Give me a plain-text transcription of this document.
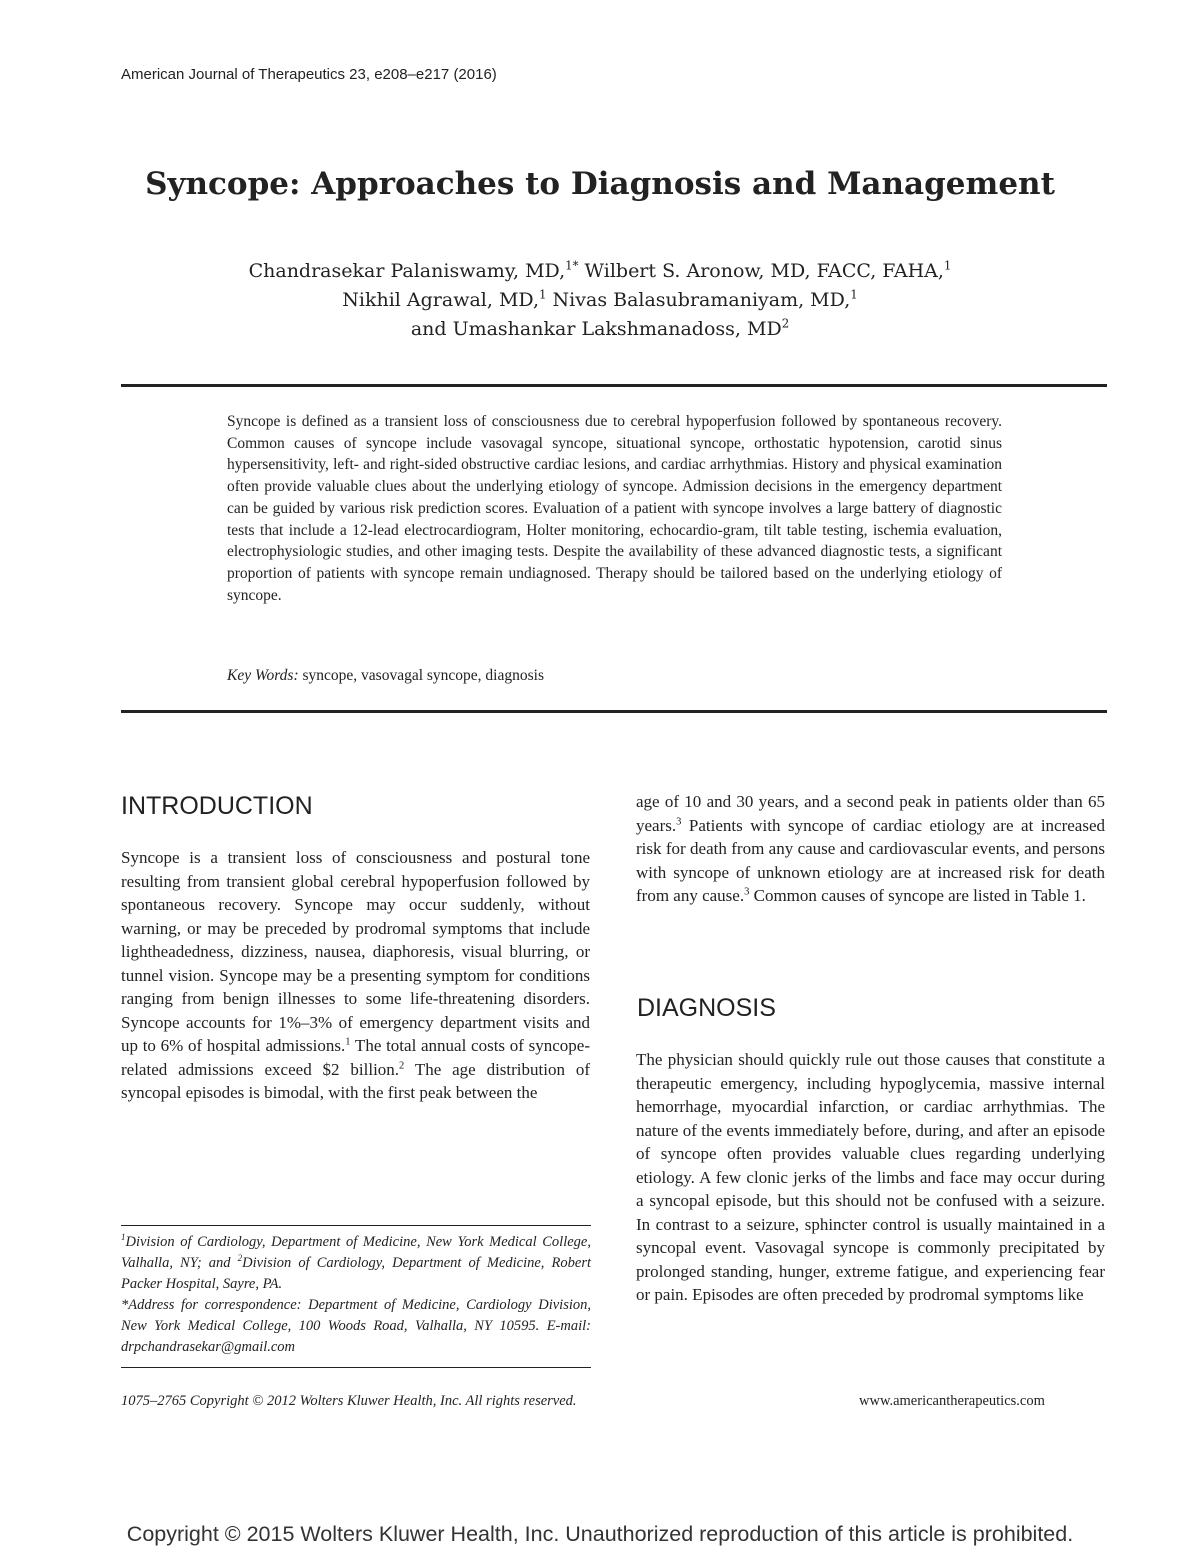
American Journal of Therapeutics 23, e208–e217 (2016)
Syncope: Approaches to Diagnosis and Management
Chandrasekar Palaniswamy, MD,$^{1*}$ Wilbert S. Aronow, MD, FACC, FAHA,$^1$
Nikhil Agrawal, MD,$^1$ Nivas Balasubramaniyam, MD,$^1$
and Umashankar Lakshmanadoss, $MD^2$
Syncope is defined as a transient loss of consciousness due to cerebral hypoperfusion followed by spontaneous recovery. Common causes of syncope include vasovagal syncope, situational syncope, orthostatic hypotension, carotid sinus hypersensitivity, left- and right-sided obstructive cardiac lesions, and cardiac arrhythmias. History and physical examination often provide valuable clues about the underlying etiology of syncope. Admission decisions in the emergency department can be guided by various risk prediction scores. Evaluation of a patient with syncope involves a large battery of diagnostic tests that include a 12-lead electrocardiogram, Holter monitoring, echocardio-gram, tilt table testing, ischemia evaluation, electrophysiologic studies, and other imaging tests. Despite the availability of these advanced diagnostic tests, a significant proportion of patients with syncope remain undiagnosed. Therapy should be tailored based on the underlying etiology of syncope.
Key Words: syncope, vasovagal syncope, diagnosis
INTRODUCTION
Syncope is a transient loss of consciousness and postural tone resulting from transient global cerebral hypoperfusion followed by spontaneous recovery. Syncope may occur suddenly, without warning, or may be preceded by prodromal symptoms that include lightheadedness, dizziness, nausea, diaphoresis, visual blurring, or tunnel vision. Syncope may be a presenting symptom for conditions ranging from benign illnesses to some life-threatening disorders. Syncope accounts for 1%–3% of emergency department visits and up to 6% of hospital admissions.$^1$ The total annual costs of syncope-related admissions exceed $2 billion.$^2$ The age distribution of syncopal episodes is bimodal, with the first peak between the
$^1$Division of Cardiology, Department of Medicine, New York Medical College, Valhalla, NY; and $^2$Division of Cardiology, Department of Medicine, Robert Packer Hospital, Sayre, PA.
*Address for correspondence: Department of Medicine, Cardiology Division, New York Medical College, 100 Woods Road, Valhalla, NY 10595. E-mail: drpchandrasekar@gmail.com
age of 10 and 30 years, and a second peak in patients older than 65 years.$^3$ Patients with syncope of cardiac etiology are at increased risk for death from any cause and cardiovascular events, and persons with syncope of unknown etiology are at increased risk for death from any cause.$^3$ Common causes of syncope are listed in Table 1.
DIAGNOSIS
The physician should quickly rule out those causes that constitute a therapeutic emergency, including hypoglycemia, massive internal hemorrhage, myocardial infarction, or cardiac arrhythmias. The nature of the events immediately before, during, and after an episode of syncope often provides valuable clues regarding underlying etiology. A few clonic jerks of the limbs and face may occur during a syncopal episode, but this should not be confused with a seizure. In contrast to a seizure, sphincter control is usually maintained in a syncopal event. Vasovagal syncope is commonly precipitated by prolonged standing, hunger, extreme fatigue, and experiencing fear or pain. Episodes are often preceded by prodromal symptoms like
1075–2765 Copyright © 2012 Wolters Kluwer Health, Inc. All rights reserved.	www.americantherapeutics.com
Copyright © 2015 Wolters Kluwer Health, Inc. Unauthorized reproduction of this article is prohibited.
